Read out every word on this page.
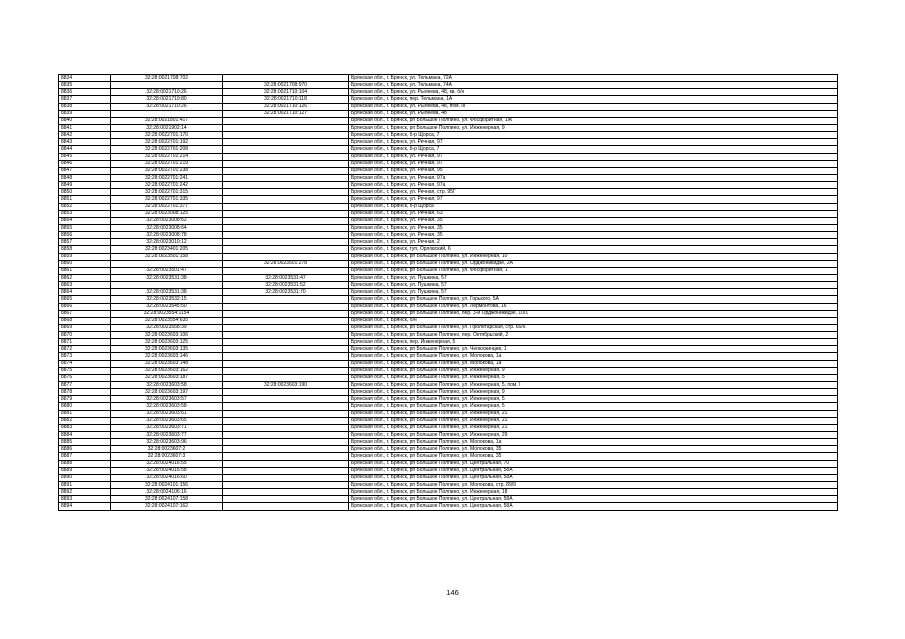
8834	32:28:0021708:702		Брянская обл., г. Брянск, ул. Тельмана, 72А
8835		32:28:0021708:970	Брянская обл., г. Брянск, ул. Тельмана, 74А
8836	32:28:0021710:26	32:28:0021710:104	Брянская обл., г. Брянск, ул. Рылеева, 48, кв. б/н
8837	32:28:0021710:80	32:28:0021710:118	Брянская обл., г. Брянск, пер. Тельмана, 1А
8838	32:28:0021710:26	32:28:0021710:126	Брянская обл., г. Брянск, ул. Рылеева, 48, пом. III
8839		32:28:0021710:127	Брянская обл., г. Брянск, ул. Рылеева, 48
8840	32:28:0021801:417		Брянская обл., г. Брянск, рп Большое Полпино, ул. Фосфоритная, 1Ж
8841	32:28:0021902:14		Брянская обл., г. Брянск, рп Большое Полпино, ул. Инженерная, 9
8842	32:28:0022701:170		Брянская обл., г. Брянск, б-р Щорса, 7
8843	32:28:0022701:192		Брянская обл., г. Брянск, ул. Речная, 97
8844	32:28:0022701:208		Брянская обл., г. Брянск, б-р Щорса, 7
8845	32:28:0022701:214		Брянская обл., г. Брянск, ул. Речная, 97
8846	32:28:0022701:219		Брянская обл., г. Брянск, ул. Речная, 97
8847	32:28:0022701:238		Брянская обл., г. Брянск, ул. Речная, 95
8848	32:28:0022701:241		Брянская обл., г. Брянск, ул. Речная, 97а
8849	32:28:0022701:242		Брянская обл., г. Брянск, ул. Речная, 97а
8850	32:28:0022701:315		Брянская обл., г. Брянск, ул. Речная, стр. 95Г
8851	32:28:0022701:335		Брянская обл., г. Брянск, ул. Речная, 97
8852	32:28:0022701:377		Брянская обл., г. Брянск, б-р Щорса
8853	32:28:0023008:125		Брянская обл., г. Брянск, ул. Речная, 63
8854	32:28:0023008:62		Брянская обл., г. Брянск, ул. Речная, 35
8855	32:28:0023008:64		Брянская обл., г. Брянск, ул. Речная, 35
8856	32:28:0023008:78		Брянская обл., г. Брянск, ул. Речная, 35
8857	32:28:0023010:12		Брянская обл., г. Брянск, ул. Речная, 2
8858	32:28:0023401:205		Брянская обл., г. Брянск, туп. Орловский, 6
8859	32:28:0023501:158		Брянская обл., г. Брянск, рп Большое Полпино, ул. Инженерная, 10
8860		32:28:0023501:278	Брянская обл., г. Брянск, рп Большое Полпино, ул. Орджоникидзе, 2А
8861	32:28:0023501:47		Брянская обл., г. Брянск, рп Большое Полпино, ул. Фосфоритная, 1
8862	32:28:0023531:38	32:28:0023531:47	Брянская обл., г. Брянск, ул. Пушкина, 57
8863		32:28:0023531:52	Брянская обл., г. Брянск, ул. Пушкина, 57
8864	32:28:0023531:38	32:28:0023531:70	Брянская обл., г. Брянск, ул. Пушкина, 57
8865	32:28:0023532:15		Брянская обл., г. Брянск, рп Большое Полпино, ул. Горького, 5А
8866	32:28:0023545:50		Брянская обл., г. Брянск, рп Большое Полпино, ул. Лермонтова, 16
8867	32:28:0023554:1154		Брянская обл., г. Брянск, рп Большое Полпино, пер. 3-й Орджоникидзе, 10/1
8868	32:28:0023554:635		Брянская обл., г. Брянск, б/н
8869	32:28:0023558:39		Брянская обл., г. Брянск, рп Большое Полпино, ул. Пролетарская, стр. 65/6
8870	32:28:0023603:106		Брянская обл., г. Брянск, рп Большое Полпино, пер. Октябрьский, 2
8871	32:28:0023603:125		Брянская обл., г. Брянск, пер. Инженерная, 5
8872	32:28:0023603:135		Брянская обл., г. Брянск, рп Большое Полпино, ул. Челюскинцев, 1
8873	32:28:0023603:146		Брянская обл., г. Брянск, рп Большое Полпино, ул. Молокова, 1а
8874	32:28:0023603:148		Брянская обл., г. Брянск, рп Большое Полпино, ул. Молокова, 1а
8875	32:28:0023603:162		Брянская обл., г. Брянск, рп Большое Полпино, ул. Инженерная, 9
8876	32:28:0023603:187		Брянская обл., г. Брянск, рп Большое Полпино, ул. Инженерная, 5
8877	32:28:0023603:58	32:28:0023603:190	Брянская обл., г. Брянск, рп Большое Полпино, ул. Инженерная, 5, пом. I
8878	32:28:0023603:197		Брянская обл., г. Брянск, рп Большое Полпино, ул. Инженерная, 9
8879	32:28:0023603:57		Брянская обл., г. Брянск, рп Большое Полпино, ул. Инженерная, 5
8880	32:28:0023603:58		Брянская обл., г. Брянск, рп Большое Полпино, ул. Инженерная, 5
8881	32:28:0023603:61		Брянская обл., г. Брянск, рп Большое Полпино, ул. Инженерная, 21
8882	32:28:0023603:65		Брянская обл., г. Брянск, рп Большое Полпино, ул. Инженерная, 21
8883	32:28:0023603:71		Брянская обл., г. Брянск, рп Большое Полпино, ул. Инженерная, 21
8884	32:28:0023603:77		Брянская обл., г. Брянск, рп Большое Полпино, ул. Инженерная, 29
8885	32:28:0023603:96		Брянская обл., г. Брянск, рп Большое Полпино, ул. Молокова, 1а
8886	32:28:0023607:2		Брянская обл., г. Брянск, рп Большое Полпино, ул. Молокова, 35
8887	32:28:0023607:3		Брянская обл., г. Брянск, рп Большое Полпино, ул. Молокова, 35
8888	32:28:0024016:55		Брянская обл., г. Брянск, рп Большое Полпино, ул. Центральная, 70
8889	32:28:0024016:58		Брянская обл., г. Брянск, рп Большое Полпино, ул. Центральная, 58А
8890	32:28:0024016:60		Брянская обл., г. Брянск, рп Большое Полпино, ул. Центральная, 58А
8891	32:28:0024101:156		Брянская обл., г. Брянск, рп Большое Полпино, ул. Молокова, стр. 89/9
8892	32:28:0024106:16		Брянская обл., г. Брянск, рп Большое Полпино, ул. Инженерная, 18
8893	32:28:0024107:158		Брянская обл., г. Брянск, рп Большое Полпино, ул. Центральная, 58А
8894	32:28:0024107:162		Брянская обл., г. Брянск, рп Большое Полпино, ул. Центральная, 58А
146
